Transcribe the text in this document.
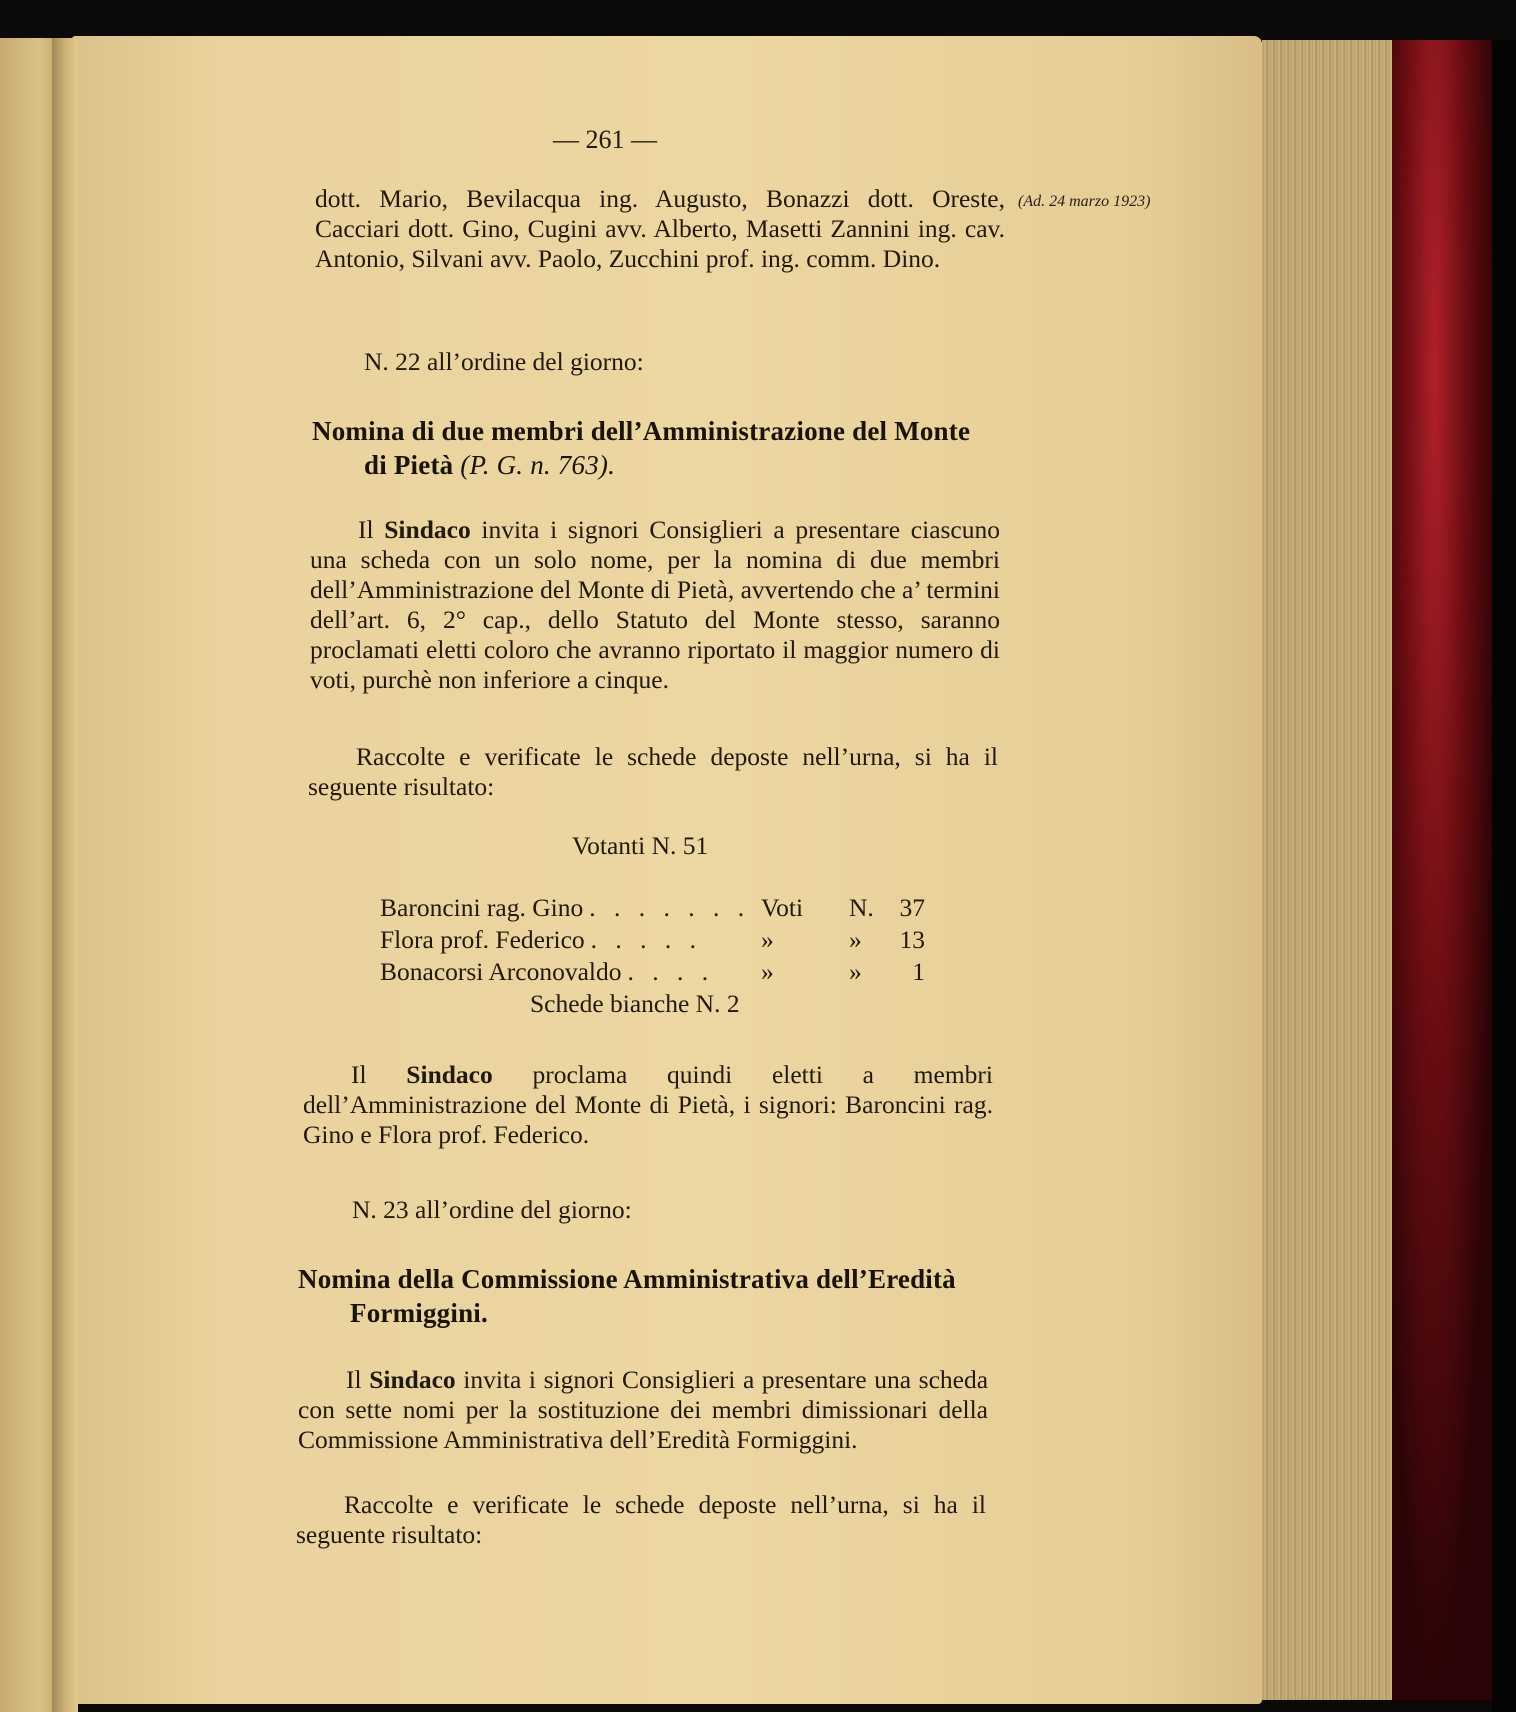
— 261 —
(Ad. 24 marzo 1923)

dott. Mario, Bevilacqua ing. Augusto, Bonazzi dott. Oreste, Cacciari dott. Gino, Cugini avv. Alberto, Masetti Zannini ing. cav. Antonio, Silvani avv. Paolo, Zucchini prof. ing. comm. Dino.

N. 22 all’ordine del giorno:

Nomina di due membri dell’Amministrazione del Monte
di Pietà (P. G. n. 763).

Il Sindaco invita i signori Consiglieri a presentare ciascuno una scheda con un solo nome, per la nomina di due membri dell’Amministrazione del Monte di Pietà, avvertendo che a’ termini dell’art. 6, 2° cap., dello Statuto del Monte stesso, saranno proclamati eletti coloro che avranno riportato il maggior numero di voti, purchè non inferiore a cinque.

Raccolte e verificate le schede deposte nell’urna, si ha il seguente risultato:

Votanti N. 51
Baroncini rag. Gino . . . . . . . Voti	N.	37
Flora prof. Federico . . . . .	»	»	13
Bonacorsi Arconovaldo . . . .	»	»	1
Schede bianche N. 2

Il Sindaco proclama quindi eletti a membri dell’Amministrazione del Monte di Pietà, i signori: Baroncini rag. Gino e Flora prof. Federico.

N. 23 all’ordine del giorno:

Nomina della Commissione Amministrativa dell’Eredità
Formiggini.

Il Sindaco invita i signori Consiglieri a presentare una scheda con sette nomi per la sostituzione dei membri dimissionari della Commissione Amministrativa dell’Eredità Formiggini.

Raccolte e verificate le schede deposte nell’urna, si ha il seguente risultato:
